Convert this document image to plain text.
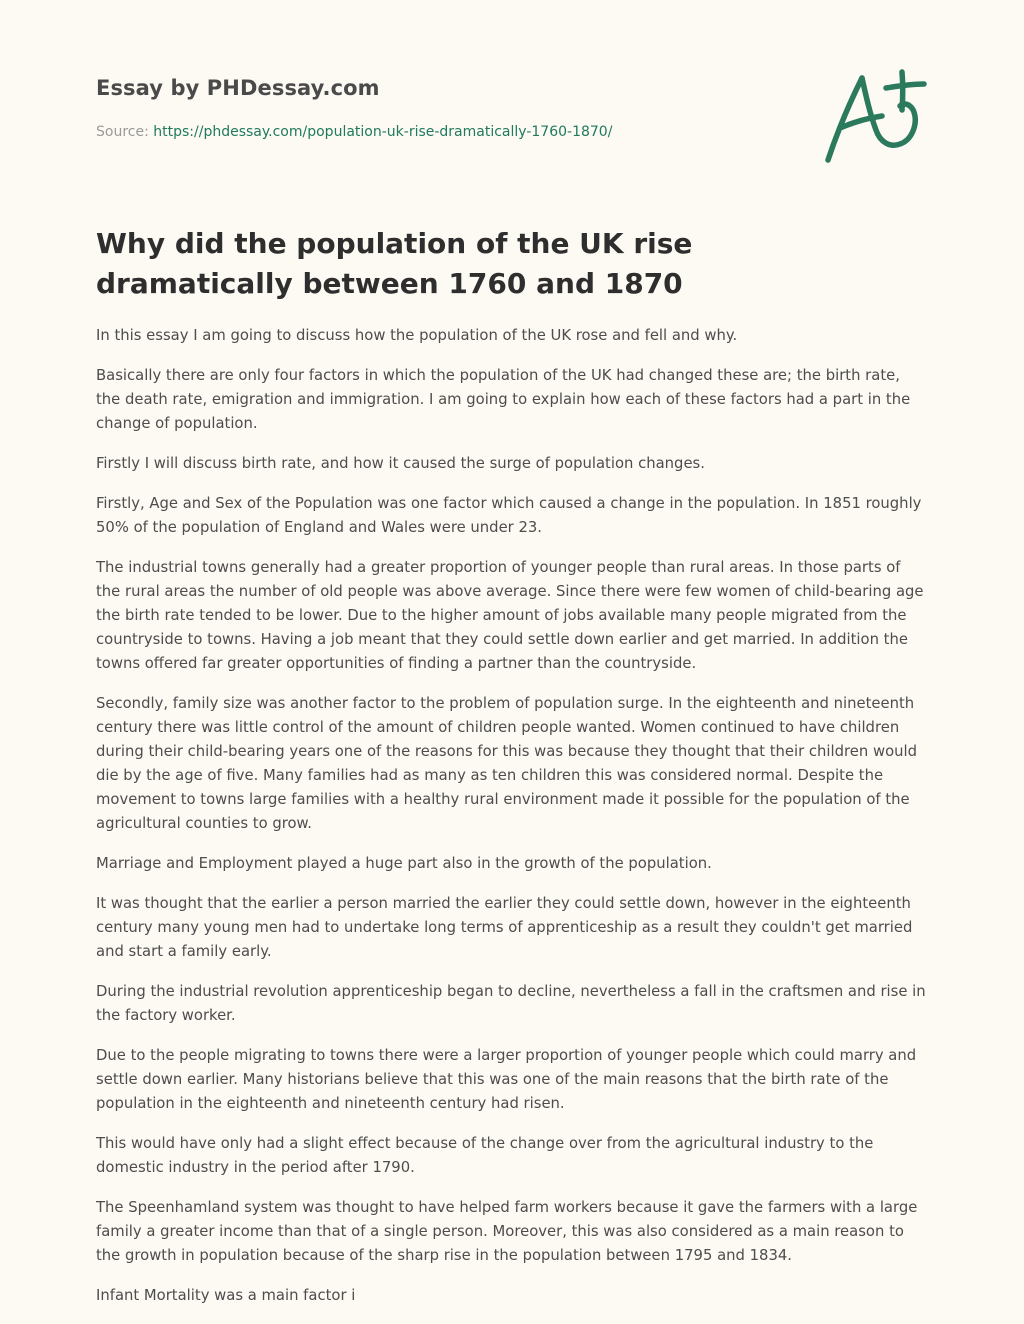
Essay by PHDessay.com
Source: https://phdessay.com/population-uk-rise-dramatically-1760-1870/
Why did the population of the UK rise dramatically between 1760 and 1870

In this essay I am going to discuss how the population of the UK rose and fell and why.

Basically there are only four factors in which the population of the UK had changed these are; the birth rate, the death rate, emigration and immigration. I am going to explain how each of these factors had a part in the change of population.

Firstly I will discuss birth rate, and how it caused the surge of population changes.

Firstly, Age and Sex of the Population was one factor which caused a change in the population. In 1851 roughly 50% of the population of England and Wales were under 23.

The industrial towns generally had a greater proportion of younger people than rural areas. In those parts of the rural areas the number of old people was above average. Since there were few women of child-bearing age the birth rate tended to be lower. Due to the higher amount of jobs available many people migrated from the countryside to towns. Having a job meant that they could settle down earlier and get married. In addition the towns offered far greater opportunities of finding a partner than the countryside.

Secondly, family size was another factor to the problem of population surge. In the eighteenth and nineteenth century there was little control of the amount of children people wanted. Women continued to have children during their child-bearing years one of the reasons for this was because they thought that their children would die by the age of five. Many families had as many as ten children this was considered normal. Despite the movement to towns large families with a healthy rural environment made it possible for the population of the agricultural counties to grow.

Marriage and Employment played a huge part also in the growth of the population.

It was thought that the earlier a person married the earlier they could settle down, however in the eighteenth century many young men had to undertake long terms of apprenticeship as a result they couldn't get married and start a family early.

During the industrial revolution apprenticeship began to decline, nevertheless a fall in the craftsmen and rise in the factory worker.

Due to the people migrating to towns there were a larger proportion of younger people which could marry and settle down earlier. Many historians believe that this was one of the main reasons that the birth rate of the population in the eighteenth and nineteenth century had risen.

This would have only had a slight effect because of the change over from the agricultural industry to the domestic industry in the period after 1790.

The Speenhamland system was thought to have helped farm workers because it gave the farmers with a large family a greater income than that of a single person. Moreover, this was also considered as a main reason to the growth in population because of the sharp rise in the population between 1795 and 1834.

Infant Mortality was a main factor i
